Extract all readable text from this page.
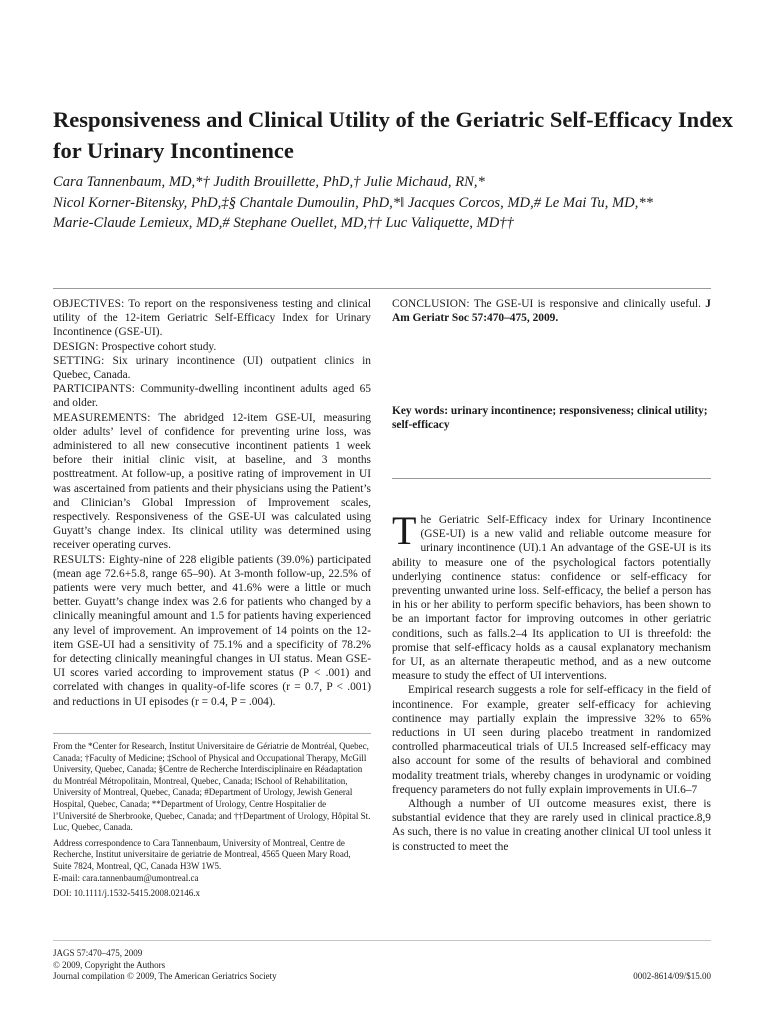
Responsiveness and Clinical Utility of the Geriatric Self-Efficacy Index for Urinary Incontinence
Cara Tannenbaum, MD,*† Judith Brouillette, PhD,† Julie Michaud, RN,*
Nicol Korner-Bitensky, PhD,‡§ Chantale Dumoulin, PhD,*‖ Jacques Corcos, MD,# Le Mai Tu, MD,**
Marie-Claude Lemieux, MD,# Stephane Ouellet, MD,†† Luc Valiquette, MD††

OBJECTIVES: To report on the responsiveness testing and clinical utility of the 12-item Geriatric Self-Efficacy Index for Urinary Incontinence (GSE-UI).

DESIGN: Prospective cohort study.

SETTING: Six urinary incontinence (UI) outpatient clinics in Quebec, Canada.

PARTICIPANTS: Community-dwelling incontinent adults aged 65 and older.

MEASUREMENTS: The abridged 12-item GSE-UI, measuring older adults’ level of confidence for preventing urine loss, was administered to all new consecutive incontinent patients 1 week before their initial clinic visit, at baseline, and 3 months posttreatment. At follow-up, a positive rating of improvement in UI was ascertained from patients and their physicians using the Patient’s and Clinician’s Global Impression of Improvement scales, respectively. Responsiveness of the GSE-UI was calculated using Guyatt’s change index. Its clinical utility was determined using receiver operating curves.

RESULTS: Eighty-nine of 228 eligible patients (39.0%) participated (mean age 72.6+5.8, range 65–90). At 3-month follow-up, 22.5% of patients were very much better, and 41.6% were a little or much better. Guyatt’s change index was 2.6 for patients who changed by a clinically meaningful amount and 1.5 for patients having experienced any level of improvement. An improvement of 14 points on the 12-item GSE-UI had a sensitivity of 75.1% and a specificity of 78.2% for detecting clinically meaningful changes in UI status. Mean GSE-UI scores varied according to improvement status (P < .001) and correlated with changes in quality-of-life scores (r = 0.7, P < .001) and reductions in UI episodes (r = 0.4, P = .004).

CONCLUSION: The GSE-UI is responsive and clinically useful. J Am Geriatr Soc 57:470–475, 2009.

Key words: urinary incontinence; responsiveness; clinical utility; self-efficacy

From the *Center for Research, Institut Universitaire de Gériatrie de Montréal, Quebec, Canada; †Faculty of Medicine; ‡School of Physical and Occupational Therapy, McGill University, Quebec, Canada; §Centre de Recherche Interdisciplinaire en Réadaptation du Montréal Métropolitain, Montreal, Quebec, Canada; ‖School of Rehabilitation, University of Montreal, Quebec, Canada; #Department of Urology, Jewish General Hospital, Quebec, Canada; **Department of Urology, Centre Hospitalier de l’Université de Sherbrooke, Quebec, Canada; and ††Department of Urology, Hôpital St. Luc, Quebec, Canada.

Address correspondence to Cara Tannenbaum, University of Montreal, Centre de Recherche, Institut universitaire de geriatrie de Montreal, 4565 Queen Mary Road, Suite 7824, Montreal, QC, Canada H3W 1W5.
E-mail: cara.tannenbaum@umontreal.ca

DOI: 10.1111/j.1532-5415.2008.02146.x

The Geriatric Self-Efficacy index for Urinary Incontinence (GSE-UI) is a new valid and reliable outcome measure for urinary incontinence (UI).1 An advantage of the GSE-UI is its ability to measure one of the psychological factors potentially underlying continence status: confidence or self-efficacy for preventing unwanted urine loss. Self-efficacy, the belief a person has in his or her ability to perform specific behaviors, has been shown to be an important factor for improving outcomes in other geriatric conditions, such as falls.2–4 Its application to UI is threefold: the promise that self-efficacy holds as a causal explanatory mechanism for UI, as an alternate therapeutic method, and as a new outcome measure to study the effect of UI interventions.

Empirical research suggests a role for self-efficacy in the field of incontinence. For example, greater self-efficacy for achieving continence may partially explain the impressive 32% to 65% reductions in UI seen during placebo treatment in randomized controlled pharmaceutical trials of UI.5 Increased self-efficacy may also account for some of the results of behavioral and combined modality treatment trials, whereby changes in urodynamic or voiding frequency parameters do not fully explain improvements in UI.6–7

Although a number of UI outcome measures exist, there is substantial evidence that they are rarely used in clinical practice.8,9 As such, there is no value in creating another clinical UI tool unless it is constructed to meet the

JAGS 57:470–475, 2009
© 2009, Copyright the Authors
Journal compilation © 2009, The American Geriatrics Society	0002-8614/09/$15.00
